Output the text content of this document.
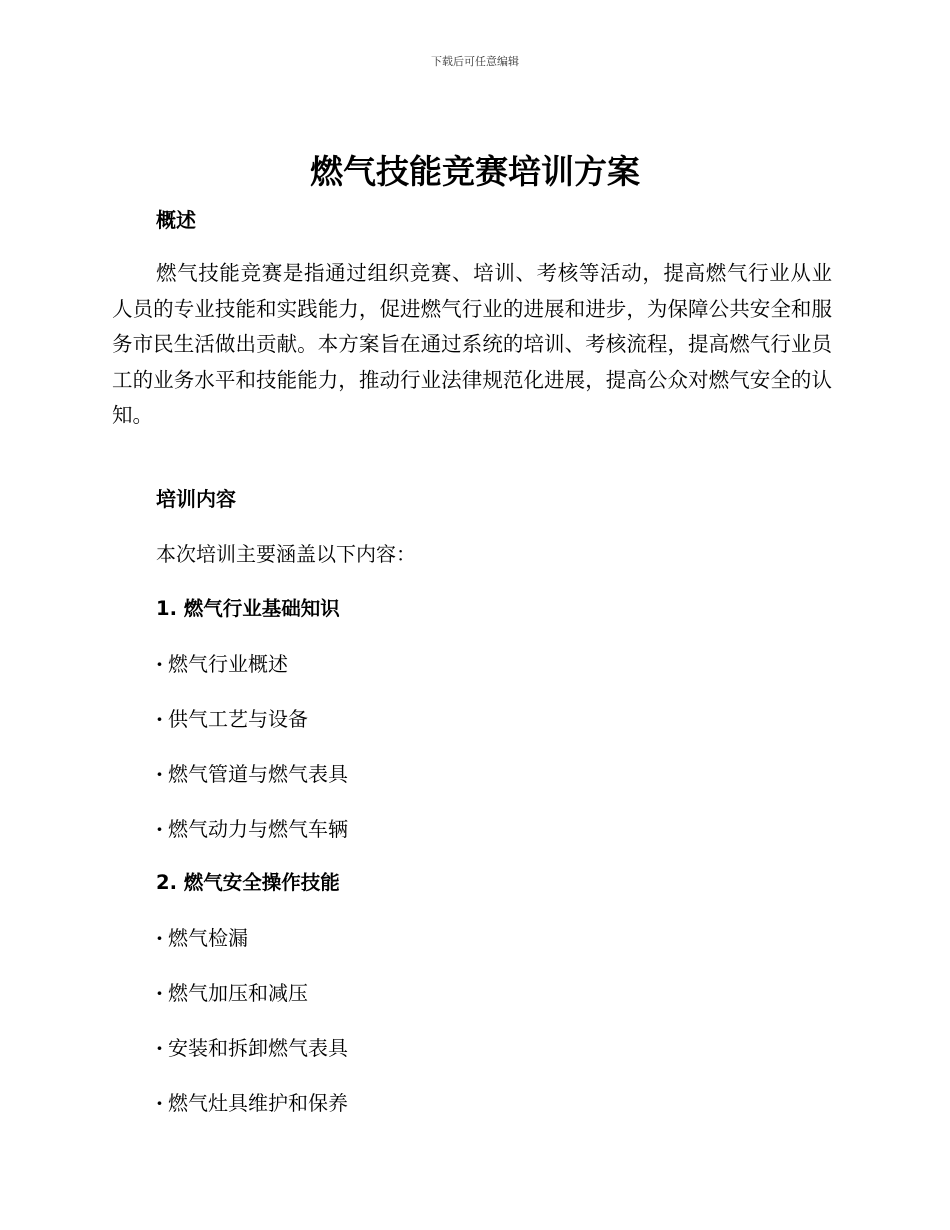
下载后可任意编辑
燃气技能竞赛培训方案
概述

燃气技能竞赛是指通过组织竞赛、培训、考核等活动，提高燃气行业从业人员的专业技能和实践能力，促进燃气行业的进展和进步，为保障公共安全和服务市民生活做出贡献。本方案旨在通过系统的培训、考核流程，提高燃气行业员工的业务水平和技能能力，推动行业法律规范化进展，提高公众对燃气安全的认知。

培训内容

本次培训主要涵盖以下内容：

1. 燃气行业基础知识

· 燃气行业概述

· 供气工艺与设备

· 燃气管道与燃气表具

· 燃气动力与燃气车辆

2. 燃气安全操作技能

· 燃气检漏

· 燃气加压和减压

· 安装和拆卸燃气表具

· 燃气灶具维护和保养
